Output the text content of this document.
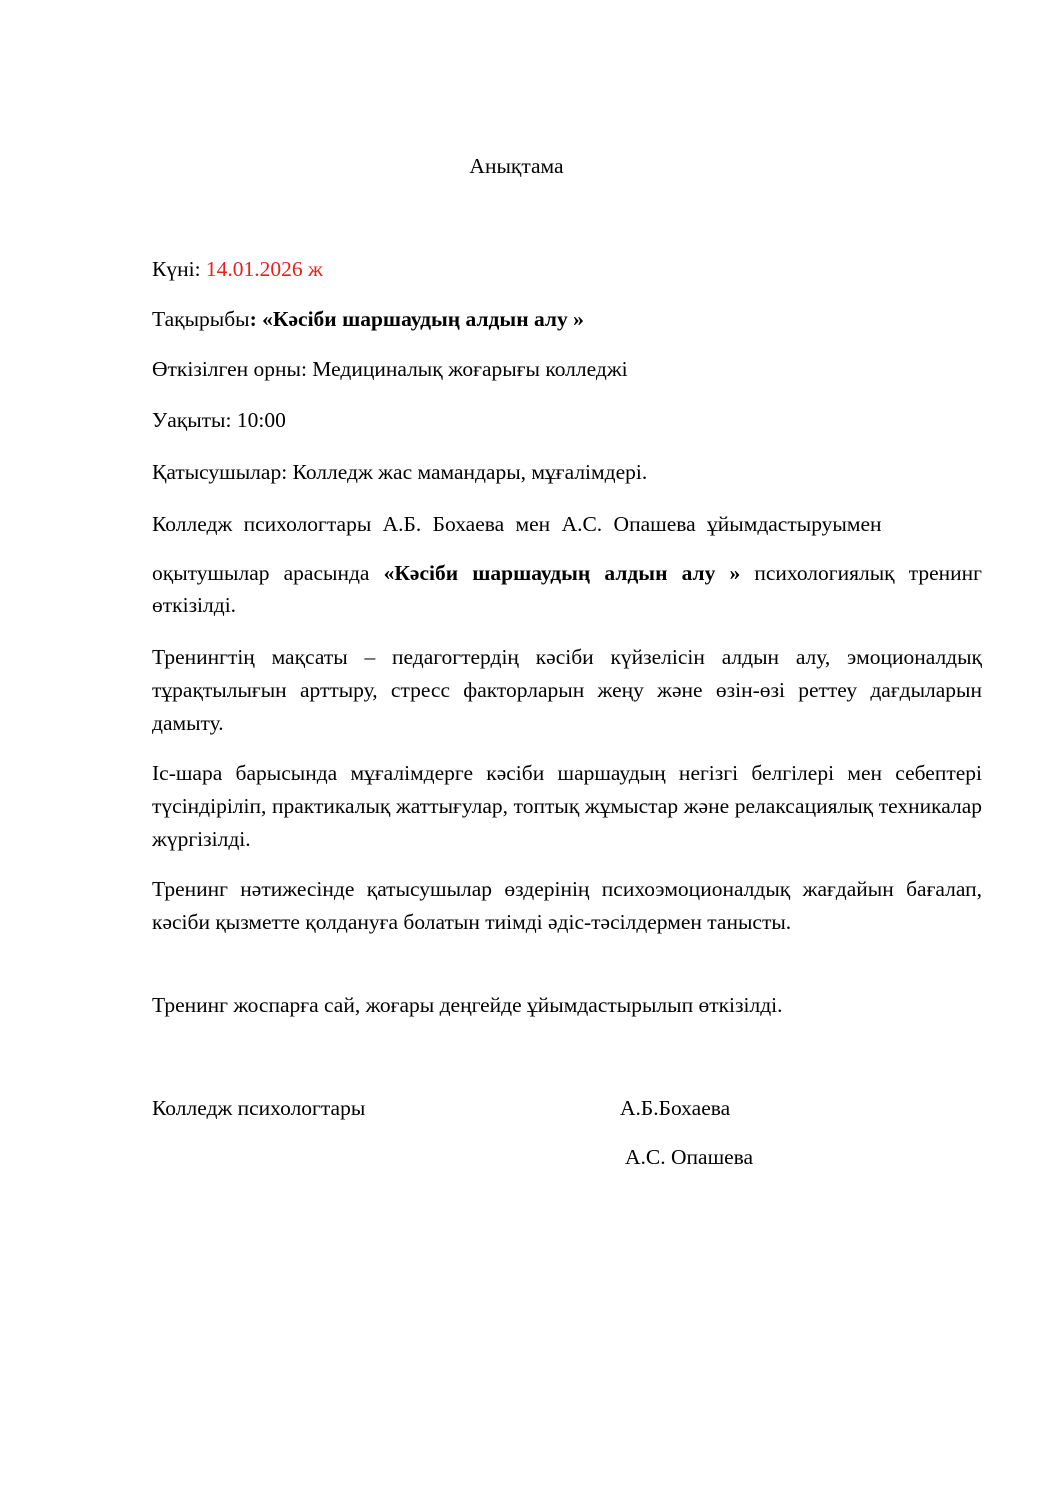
Анықтама
Күні: 14.01.2026 ж
Тақырыбы: «Кәсіби шаршаудың алдын алу »
Өткізілген орны: Медициналық жоғарығы колледжі
Уақыты: 10:00
Қатысушылар: Колледж жас мамандары, мұғалімдері.
Колледж психологтары А.Б. Бохаева мен А.С. Опашева ұйымдастыруымен
оқытушылар арасында «Кәсіби шаршаудың алдын алу » психологиялық тренинг өткізілді.
Тренингтің мақсаты – педагогтердің кәсіби күйзелісін алдын алу, эмоционалдық тұрақтылығын арттыру, стресс факторларын жеңу және өзін-өзі реттеу дағдыларын дамыту.
Іс-шара барысында мұғалімдерге кәсіби шаршаудың негізгі белгілері мен себептері түсіндіріліп, практикалық жаттығулар, топтық жұмыстар және релаксациялық техникалар жүргізілді.
Тренинг нәтижесінде қатысушылар өздерінің психоэмоционалдық жағдайын бағалап, кәсіби қызметте қолдануға болатын тиімді әдіс-тәсілдермен танысты.
Тренинг жоспарға сай, жоғары деңгейде ұйымдастырылып өткізілді.
Колледж психологтары	А.Б.Бохаева
А.С. Опашева
